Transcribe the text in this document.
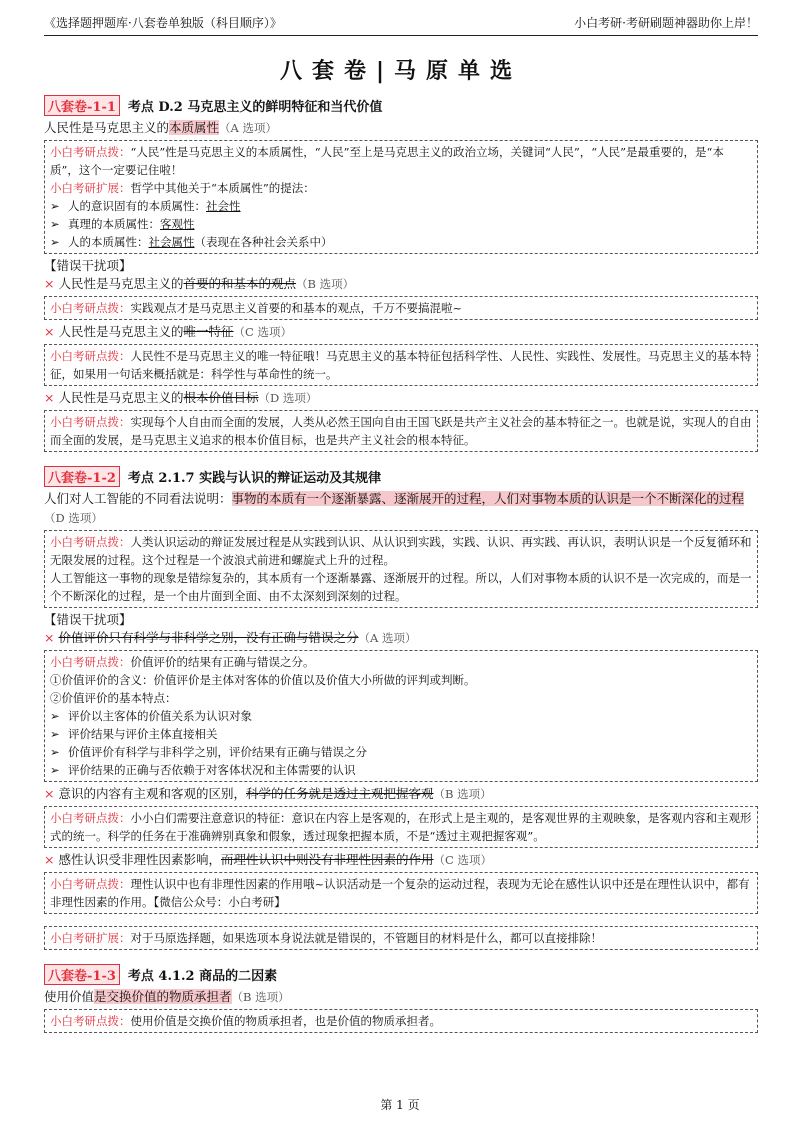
《选择题押题库·八套卷单独版（科目顺序）》	小白考研·考研刷题神器助你上岸！
八套卷|马原单选
八套卷-1-1 考点 D.2 马克思主义的鲜明特征和当代价值
人民性是马克思主义的本质属性（A 选项）
小白考研点拨：“人民”性是马克思主义的本质属性，“人民”至上是马克思主义的政治立场，关键词“人民”，“人民”是最重要的，是“本质”，这个一定要记住啦！
小白考研扩展：哲学中其他关于“本质属性”的提法：
➢ 人的意识固有的本质属性：社会性
➢ 真理的本质属性：客观性
➢ 人的本质属性：社会属性（表现在各种社会关系中）
【错误干扰项】
× 人民性是马克思主义的首要的和基本的观点（B 选项）
小白考研点拨：实践观点才是马克思主义首要的和基本的观点，千万不要搞混啦~
× 人民性是马克思主义的唯一特征（C 选项）
小白考研点拨：人民性不是马克思主义的唯一特征哦！马克思主义的基本特征包括科学性、人民性、实践性、发展性。马克思主义的基本特征，如果用一句话来概括就是：科学性与革命性的统一。
× 人民性是马克思主义的根本价值目标（D 选项）
小白考研点拨：实现每个人自由而全面的发展，人类从必然王国向自由王国飞跃是共产主义社会的基本特征之一。也就是说，实现人的自由而全面的发展，是马克思主义追求的根本价值目标，也是共产主义社会的根本特征。
八套卷-1-2 考点 2.1.7 实践与认识的辩证运动及其规律
人们对人工智能的不同看法说明：事物的本质有一个逐渐暴露、逐渐展开的过程，人们对事物本质的认识是一个不断深化的过程（D 选项）
小白考研点拨：人类认识运动的辩证发展过程是从实践到认识、从认识到实践，实践、认识、再实践、再认识，表明认识是一个反复循环和无限发展的过程。这个过程是一个波浪式前进和螺旋式上升的过程。
人工智能这一事物的现象是错综复杂的，其本质有一个逐渐暴露、逐渐展开的过程。所以，人们对事物本质的认识不是一次完成的，而是一个不断深化的过程，是一个由片面到全面、由不太深刻到深刻的过程。
【错误干扰项】
× 价值评价只有科学与非科学之别，没有正确与错误之分（A 选项）
小白考研点拨：价值评价的结果有正确与错误之分。
①价值评价的含义：价值评价是主体对客体的价值以及价值大小所做的评判或判断。
②价值评价的基本特点：
➢ 评价以主客体的价值关系为认识对象
➢ 评价结果与评价主体直接相关
➢ 价值评价有科学与非科学之别，评价结果有正确与错误之分
➢ 评价结果的正确与否依赖于对客体状况和主体需要的认识
× 意识的内容有主观和客观的区别，科学的任务就是透过主观把握客观（B 选项）
小白考研点拨：小小白们需要注意意识的特征：意识在内容上是客观的，在形式上是主观的，是客观世界的主观映象，是客观内容和主观形式的统一。科学的任务在于准确辨别真象和假象，透过现象把握本质，不是“透过主观把握客观”。
× 感性认识受非理性因素影响，而理性认识中则没有非理性因素的作用（C 选项）
小白考研点拨：理性认识中也有非理性因素的作用哦~认识活动是一个复杂的运动过程，表现为无论在感性认识中还是在理性认识中，都有非理性因素的作用。【微信公众号：小白考研】
小白考研扩展：对于马原选择题，如果选项本身说法就是错误的，不管题目的材料是什么，都可以直接排除！
八套卷-1-3 考点 4.1.2 商品的二因素
使用价值是交换价值的物质承担者（B 选项）
小白考研点拨：使用价值是交换价值的物质承担者，也是价值的物质承担者。
第 1 页
